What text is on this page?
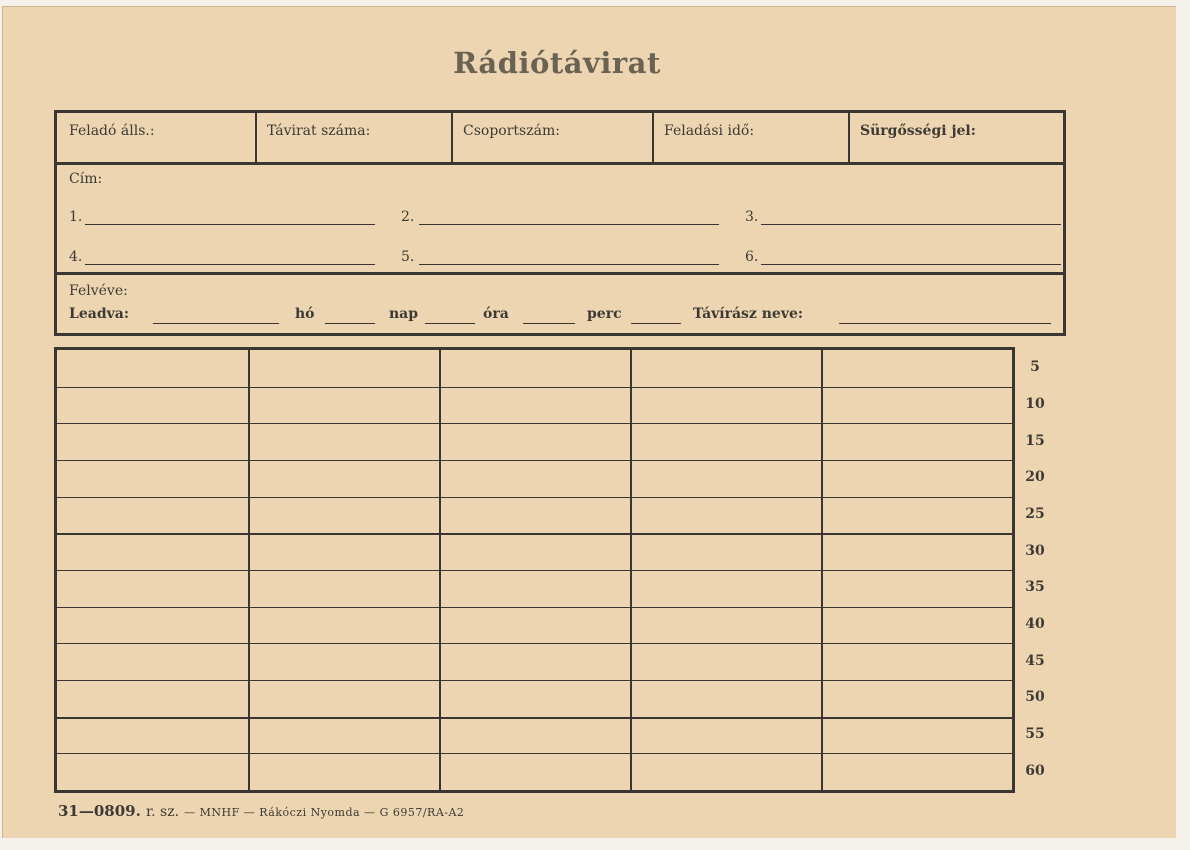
Rádiótávirat
Feladó álls.:	Távirat száma:	Csoportszám:	Feladási idő:	Sürgősségi jel:
Cím:
1.	2.	3.
4.	5.	6.
Felvéve:
Leadva:	hó	nap	óra	perc	Távírász neve:
5
10
15
20
25
30
35
40
45
50
55
60
31—0809. r. sz. — MNHF — Rákóczi Nyomda — G 6957/RA-A2
